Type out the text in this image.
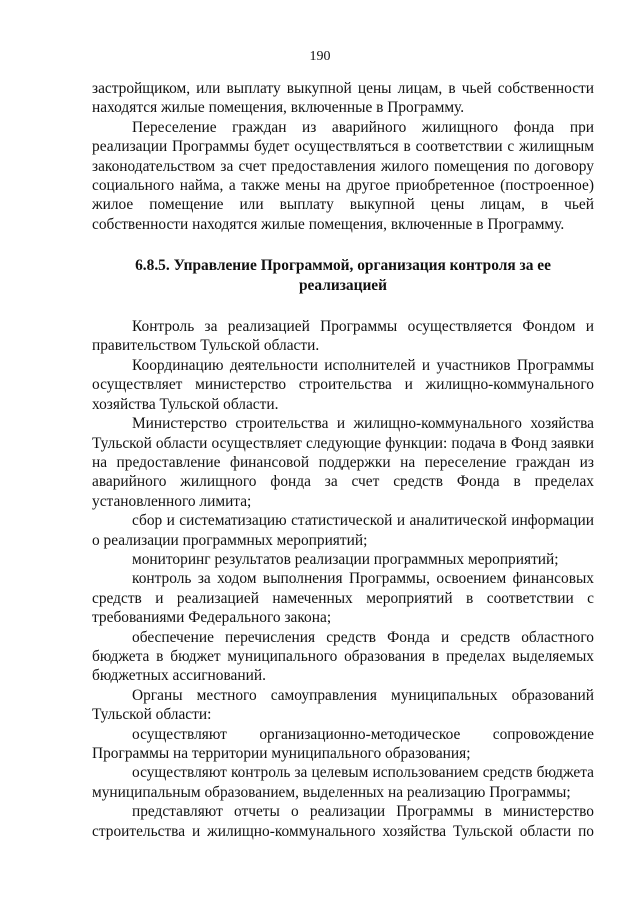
190

застройщиком, или выплату выкупной цены лицам, в чьей собственности находятся жилые помещения, включенные в Программу.

Переселение граждан из аварийного жилищного фонда при реализации Программы будет осуществляться в соответствии с жилищным законодательством за счет предоставления жилого помещения по договору социального найма, а также мены на другое приобретенное (построенное) жилое помещение или выплату выкупной цены лицам, в чьей собственности находятся жилые помещения, включенные в Программу.

6.8.5. Управление Программой, организация контроля за ее реализацией

Контроль за реализацией Программы осуществляется Фондом и правительством Тульской области.

Координацию деятельности исполнителей и участников Программы осуществляет министерство строительства и жилищно-коммунального хозяйства Тульской области.

Министерство строительства и жилищно-коммунального хозяйства Тульской области осуществляет следующие функции: подача в Фонд заявки на предоставление финансовой поддержки на переселение граждан из аварийного жилищного фонда за счет средств Фонда в пределах установленного лимита;

сбор и систематизацию статистической и аналитической информации о реализации программных мероприятий;

мониторинг результатов реализации программных мероприятий;

контроль за ходом выполнения Программы, освоением финансовых средств и реализацией намеченных мероприятий в соответствии с требованиями Федерального закона;

обеспечение перечисления средств Фонда и средств областного бюджета в бюджет муниципального образования в пределах выделяемых бюджетных ассигнований.

Органы местного самоуправления муниципальных образований Тульской области:

осуществляют организационно-методическое сопровождение Программы на территории муниципального образования;

осуществляют контроль за целевым использованием средств бюджета муниципальным образованием, выделенных на реализацию Программы;

представляют отчеты о реализации Программы в министерство строительства и жилищно-коммунального хозяйства Тульской области по
